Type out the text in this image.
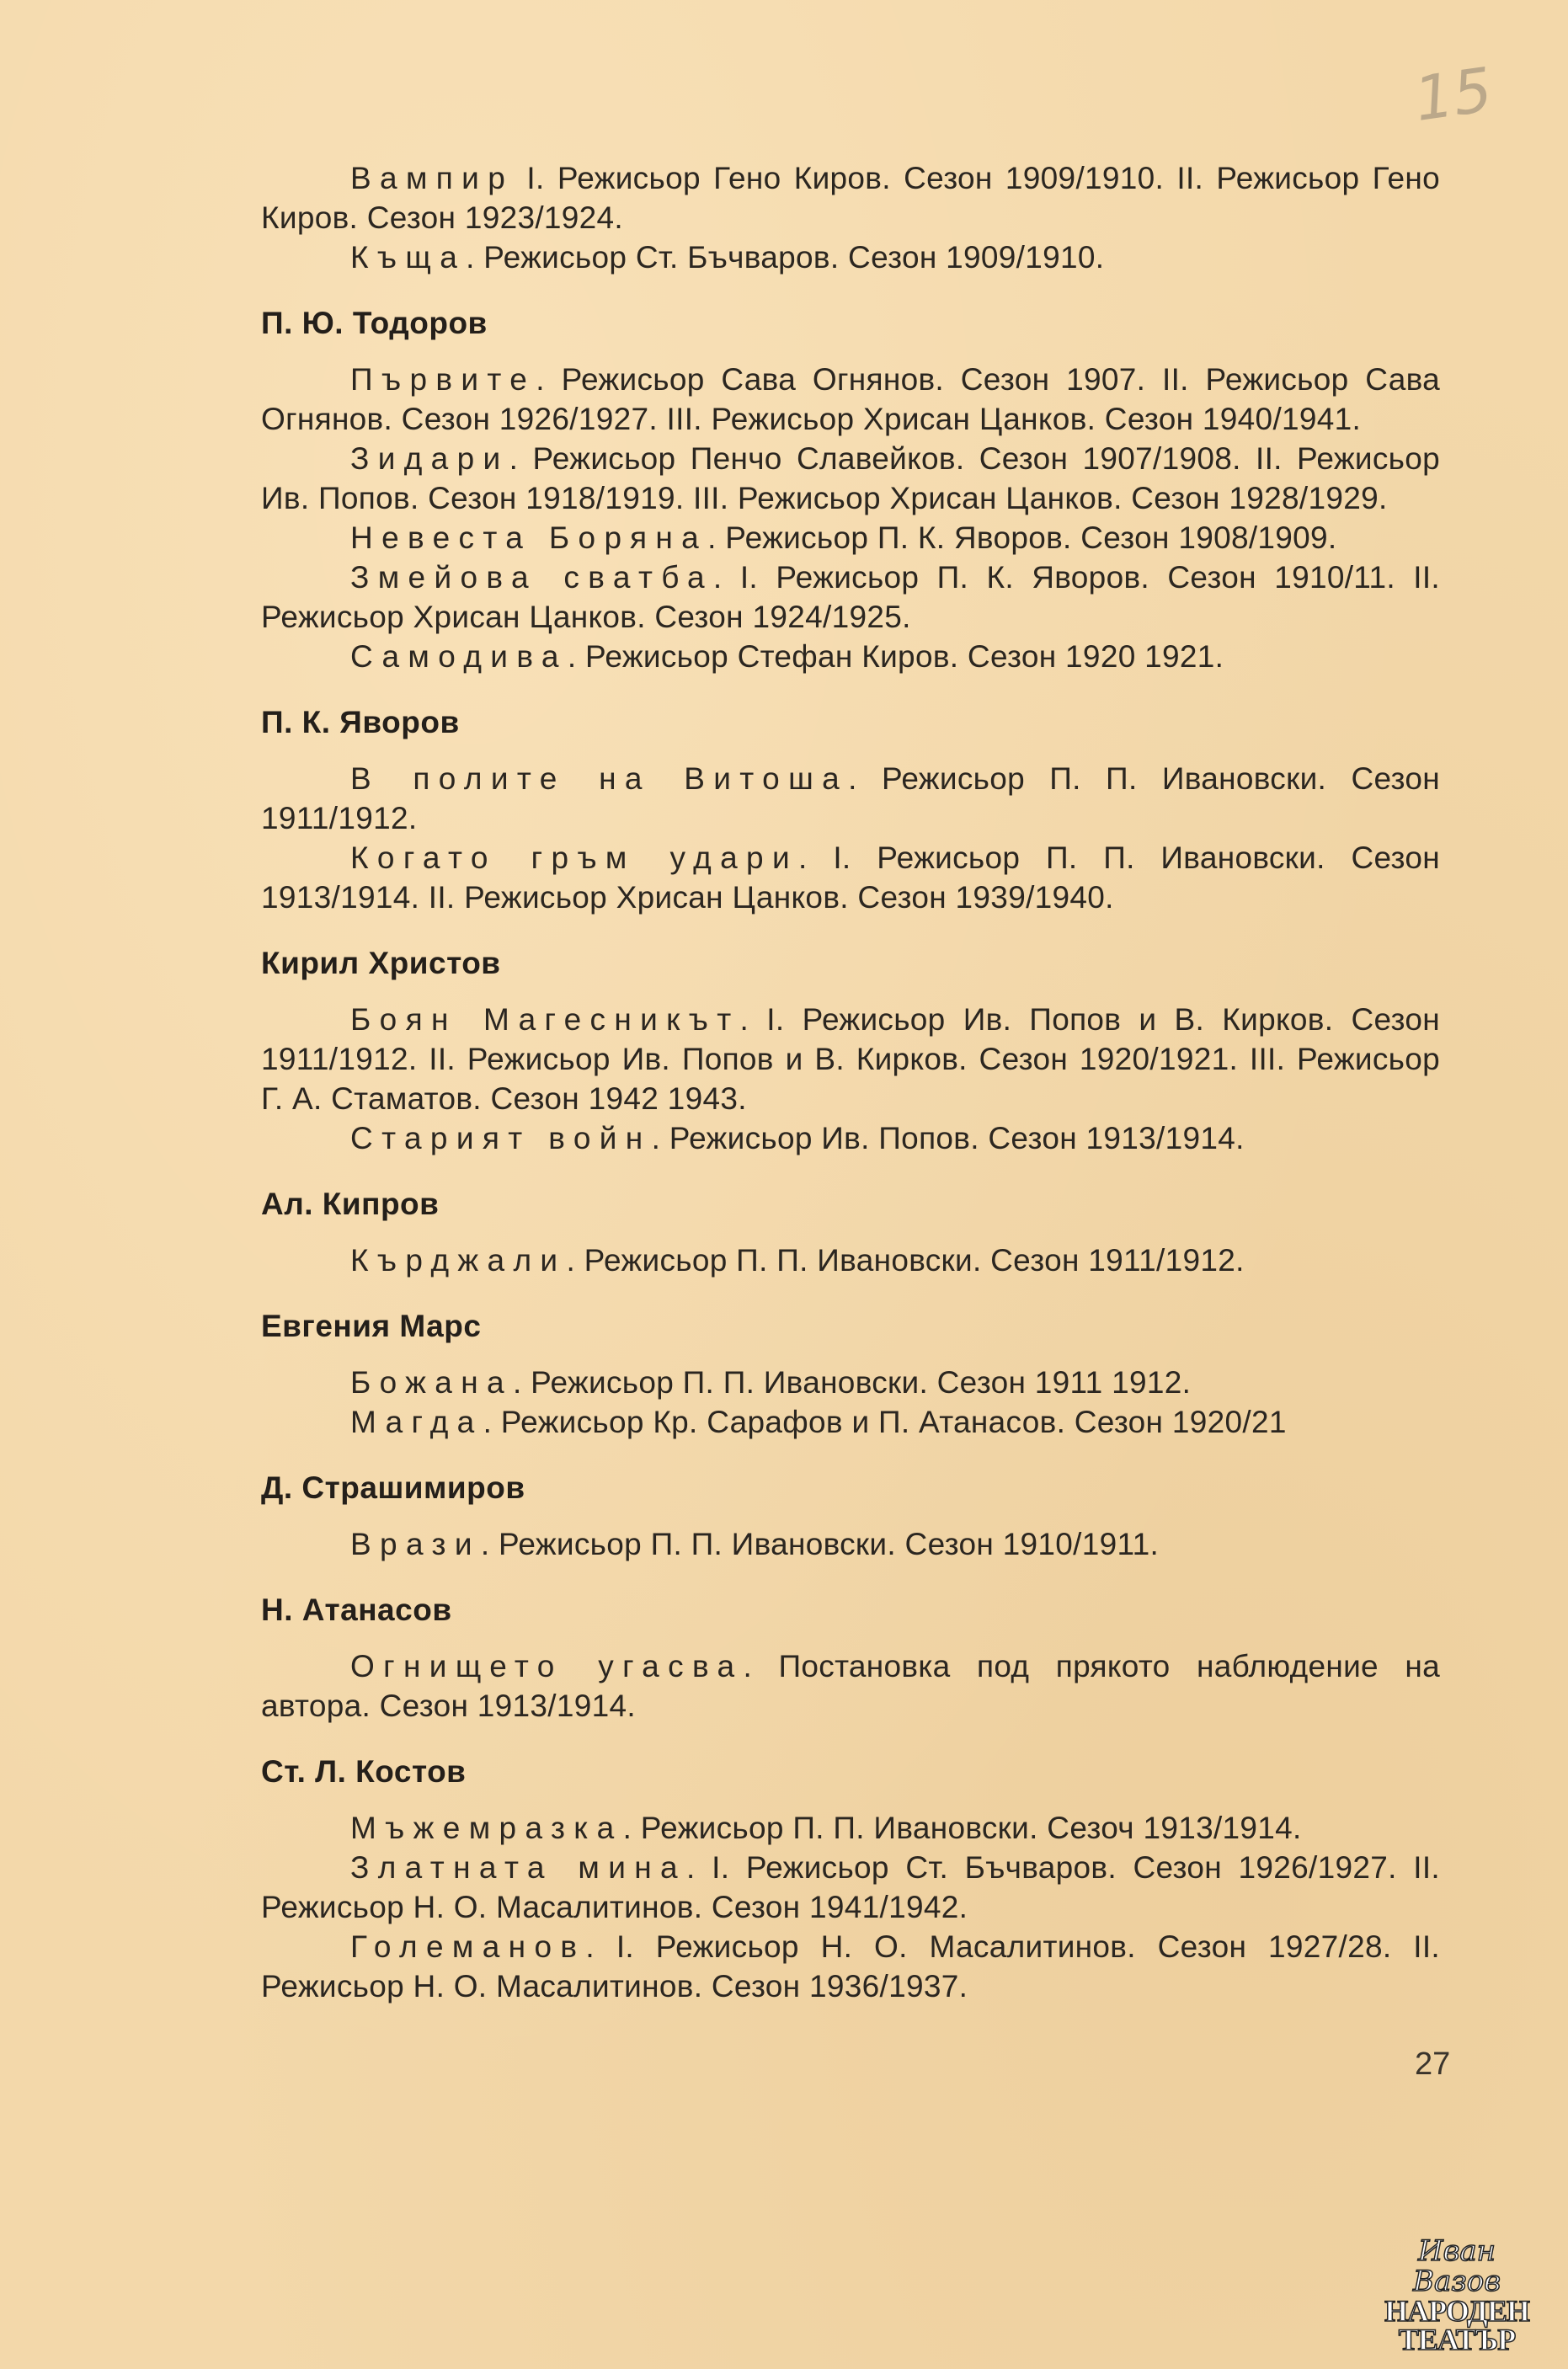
15

Вампир I. Режисьор Гено Киров. Сезон 1909/1910. II. Режисьор Гено Киров. Сезон 1923/1924.

Къща. Режисьор Ст. Бъчваров. Сезон 1909/1910.

П. Ю. Тодоров

Първите. Режисьор Сава Огнянов. Сезон 1907. II. Режисьор Сава Огнянов. Сезон 1926/1927. III. Режисьор Хрисан Цанков. Сезон 1940/1941.

Зидари. Режисьор Пенчо Славейков. Сезон 1907/1908. II. Режисьор Ив. Попов. Сезон 1918/1919. III. Режисьор Хрисан Цанков. Сезон 1928/1929.

Невеста Боряна. Режисьор П. К. Яворов. Сезон 1908/1909.

Змейова сватба. I. Режисьор П. К. Яворов. Сезон 1910/11. II. Режисьор Хрисан Цанков. Сезон 1924/1925.

Самодива. Режисьор Стефан Киров. Сезон 1920 1921.

П. К. Яворов

В полите на Витоша. Режисьор П. П. Ивановски. Сезон 1911/1912.

Когато гръм удари. I. Режисьор П. П. Ивановски. Сезон 1913/1914. II. Режисьор Хрисан Цанков. Сезон 1939/1940.

Кирил Христов

Боян Магесникът. I. Режисьор Ив. Попов и В. Кирков. Сезон 1911/1912. II. Режисьор Ив. Попов и В. Кирков. Сезон 1920/1921. III. Режисьор Г. А. Стаматов. Сезон 1942 1943.

Старият войн. Режисьор Ив. Попов. Сезон 1913/1914.

Ал. Кипров

Кърджали. Режисьор П. П. Ивановски. Сезон 1911/1912.

Евгения Марс

Божана. Режисьор П. П. Ивановски. Сезон 1911 1912.

Магда. Режисьор Кр. Сарафов и П. Атанасов. Сезон 1920/21

Д. Страшимиров

Врази. Режисьор П. П. Ивановски. Сезон 1910/1911.

Н. Атанасов

Огнището угасва. Постановка под прякото наблюдение на автора. Сезон 1913/1914.

Ст. Л. Костов

Мъжемразка. Режисьор П. П. Ивановски. Сезоч 1913/1914.

Златната мина. I. Режисьор Ст. Бъчваров. Сезон 1926/1927. II. Режисьор Н. О. Масалитинов. Сезон 1941/1942.

Големанов. I. Режисьор Н. О. Масалитинов. Сезон 1927/28. II. Режисьор Н. О. Масалитинов. Сезон 1936/1937.

27
Иван Вазов
НАРОДЕН
ТЕАТЪР
